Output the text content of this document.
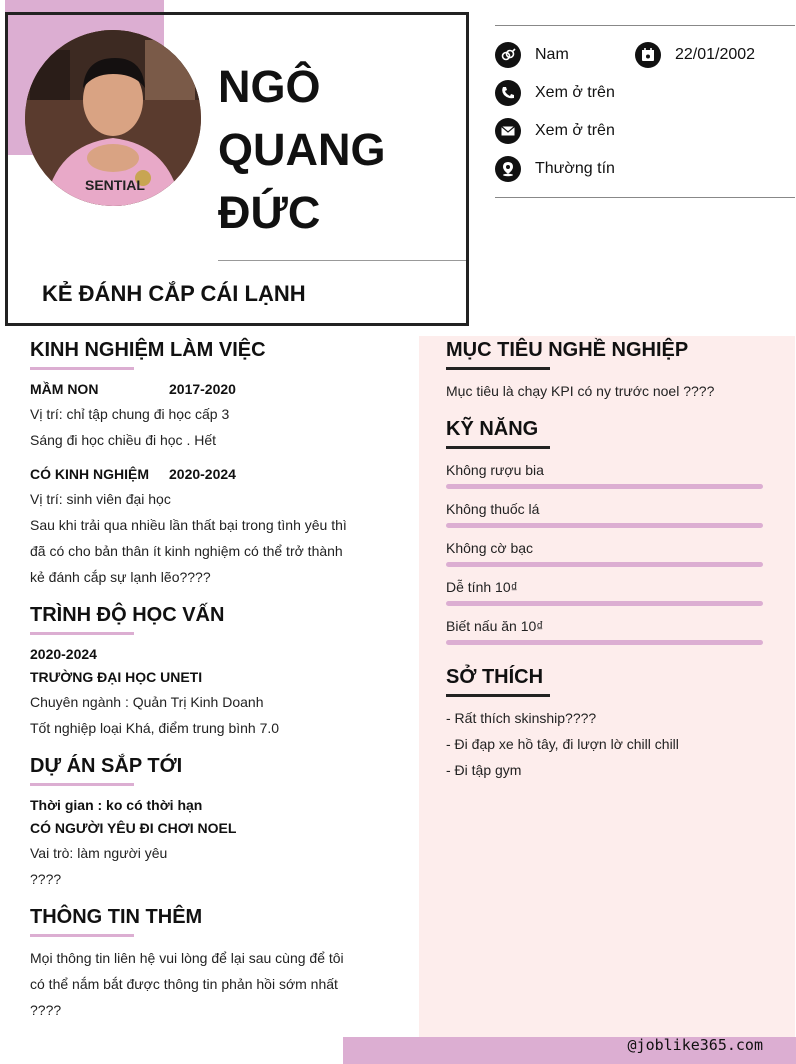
SENTIAL
NGÔ
QUANG
ĐỨC
KẺ ĐÁNH CẮP CÁI LẠNH
Nam	22/01/2002
Xem ở trên
Xem ở trên
Thường tín
KINH NGHIỆM LÀM VIỆC
MẦM NON	2017-2020
Vị trí: chỉ tập chung đi học cấp 3
Sáng đi học chiều đi học . Hết
CÓ KINH NGHIỆM 2020-2024
Vị trí: sinh viên đại học
Sau khi trải qua nhiều lần thất bại trong tình yêu thì
đã có cho bản thân ít kinh nghiệm có thể trở thành
kẻ đánh cắp sự lạnh lẽo????
TRÌNH ĐỘ HỌC VẤN
2020-2024
TRƯỜNG ĐẠI HỌC UNETI
Chuyên ngành : Quản Trị Kinh Doanh
Tốt nghiệp loại Khá, điểm trung bình 7.0
DỰ ÁN SẮP TỚI
Thời gian : ko có thời hạn
CÓ NGƯỜI YÊU ĐI CHƠI NOEL
Vai trò: làm người yêu
????
THÔNG TIN THÊM
Mọi thông tin liên hệ vui lòng để lại sau cùng để tôi
có thể nắm bắt được thông tin phản hồi sớm nhất
????
MỤC TIÊU NGHỀ NGHIỆP
Mục tiêu là chạy KPI có ny trước noel ????
KỸ NĂNG
Không rượu bia
Không thuốc lá
Không cờ bạc
Dễ tính 10₫
Biết nấu ăn 10₫
SỞ THÍCH
- Rất thích skinship????
- Đi đạp xe hồ tây, đi lượn lờ chill chill
- Đi tập gym
@joblike365.com
